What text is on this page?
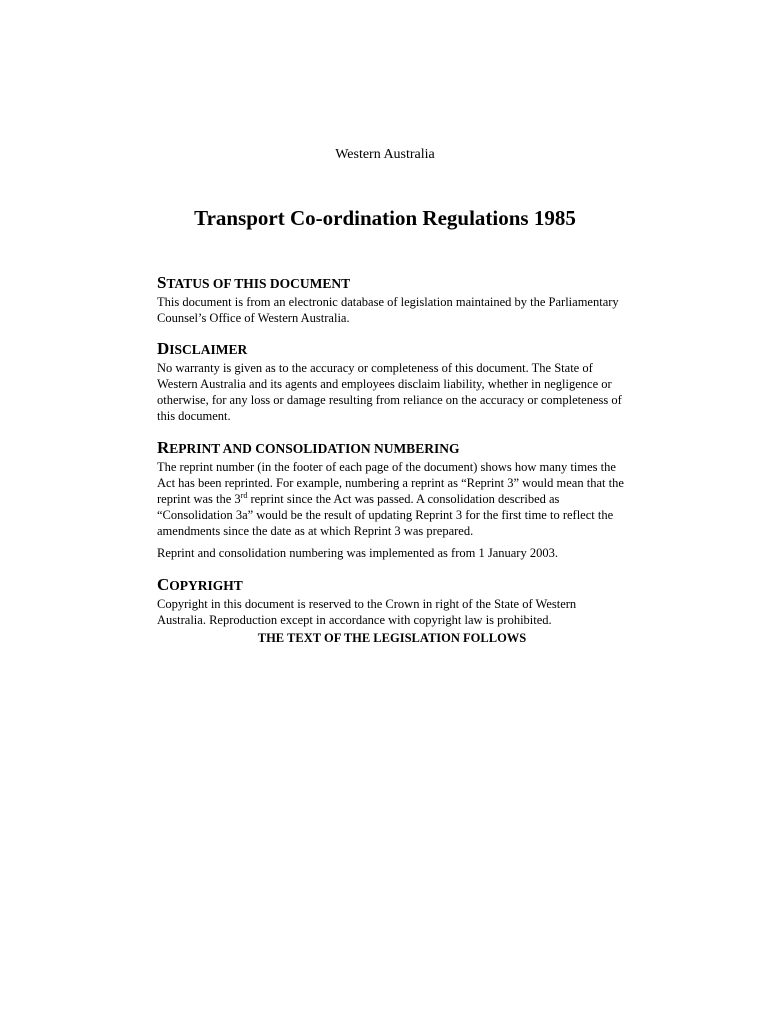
Western Australia
Transport Co-ordination Regulations 1985
STATUS OF THIS DOCUMENT

This document is from an electronic database of legislation maintained by the Parliamentary Counsel’s Office of Western Australia.

DISCLAIMER

No warranty is given as to the accuracy or completeness of this document. The State of Western Australia and its agents and employees disclaim liability, whether in negligence or otherwise, for any loss or damage resulting from reliance on the accuracy or completeness of this document.

REPRINT AND CONSOLIDATION NUMBERING

The reprint number (in the footer of each page of the document) shows how many times the Act has been reprinted. For example, numbering a reprint as “Reprint 3” would mean that the reprint was the 3rd reprint since the Act was passed. A consolidation described as “Consolidation 3a” would be the result of updating Reprint 3 for the first time to reflect the amendments since the date as at which Reprint 3 was prepared.

Reprint and consolidation numbering was implemented as from 1 January 2003.

COPYRIGHT

Copyright in this document is reserved to the Crown in right of the State of Western Australia. Reproduction except in accordance with copyright law is prohibited.

THE TEXT OF THE LEGISLATION FOLLOWS
